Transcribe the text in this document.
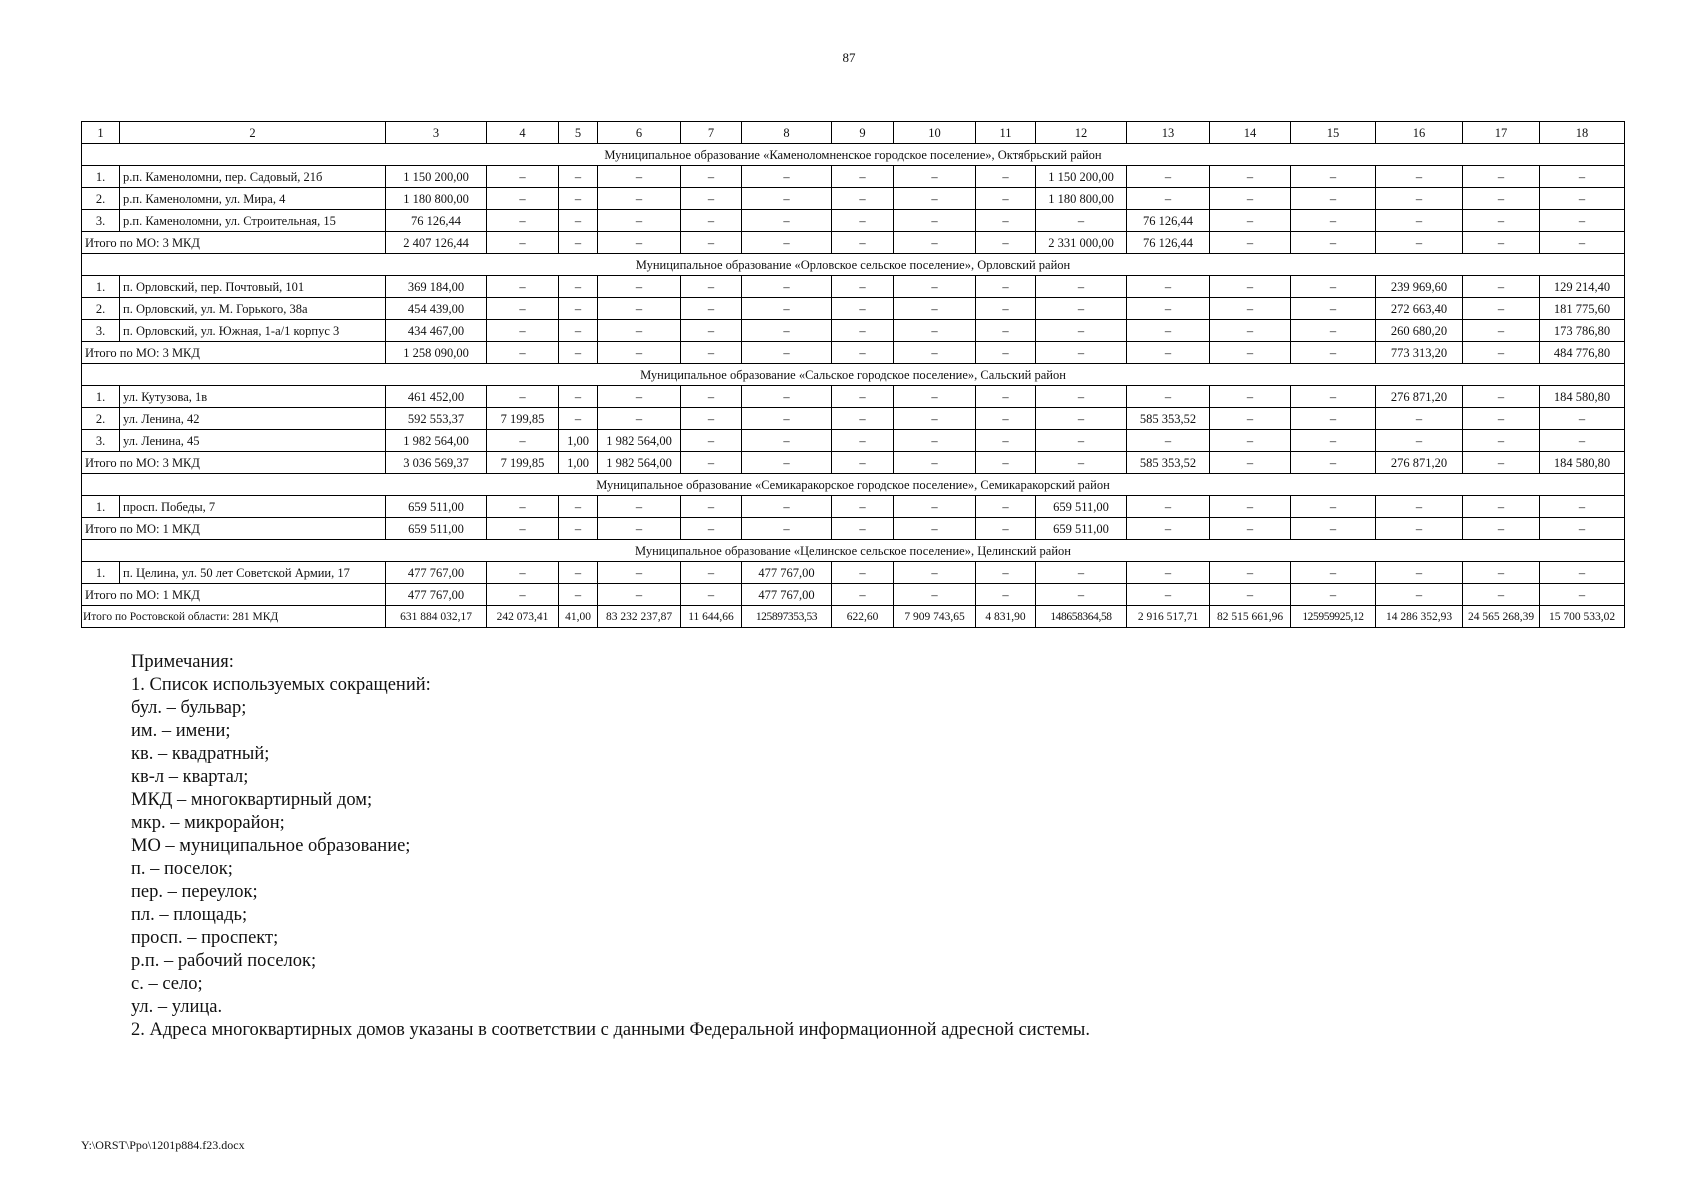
87
1	2	3	4	5	6	7	8	9	10	11	12	13	14	15	16	17	18
Муниципальное образование «Каменоломненское городское поселение», Октябрьский район																	
1.	р.п. Каменоломни, пер. Садовый, 21б	1 150 200,00	–	–	–	–	–	–	–	–	1 150 200,00	–	–	–	–	–	–
2.	р.п. Каменоломни, ул. Мира, 4	1 180 800,00	–	–	–	–	–	–	–	–	1 180 800,00	–	–	–	–	–	–
3.	р.п. Каменоломни, ул. Строительная, 15	76 126,44	–	–	–	–	–	–	–	–	–	76 126,44	–	–	–	–	–
Итого по МО: 3 МКД		2 407 126,44	–	–	–	–	–	–	–	–	2 331 000,00	76 126,44	–	–	–	–	–
Муниципальное образование «Орловское сельское поселение», Орловский район																	
1.	п. Орловский, пер. Почтовый, 101	369 184,00	–	–	–	–	–	–	–	–	–	–	–	–	239 969,60	–	129 214,40
2.	п. Орловский, ул. М. Горького, 38а	454 439,00	–	–	–	–	–	–	–	–	–	–	–	–	272 663,40	–	181 775,60
3.	п. Орловский, ул. Южная, 1-а/1 корпус 3	434 467,00	–	–	–	–	–	–	–	–	–	–	–	–	260 680,20	–	173 786,80
Итого по МО: 3 МКД		1 258 090,00	–	–	–	–	–	–	–	–	–	–	–	–	773 313,20	–	484 776,80
Муниципальное образование «Сальское городское поселение», Сальский район																	
1.	ул. Кутузова, 1в	461 452,00	–	–	–	–	–	–	–	–	–	–	–	–	276 871,20	–	184 580,80
2.	ул. Ленина, 42	592 553,37	7 199,85	–	–	–	–	–	–	–	–	585 353,52	–	–	–	–	–
3.	ул. Ленина, 45	1 982 564,00	–	1,00	1 982 564,00	–	–	–	–	–	–	–	–	–	–	–	–
Итого по МО: 3 МКД		3 036 569,37	7 199,85	1,00	1 982 564,00	–	–	–	–	–	–	585 353,52	–	–	276 871,20	–	184 580,80
Муниципальное образование «Семикаракорское городское поселение», Семикаракорский район																	
1.	просп. Победы, 7	659 511,00	–	–	–	–	–	–	–	–	659 511,00	–	–	–	–	–	–
Итого по МО: 1 МКД		659 511,00	–	–	–	–	–	–	–	–	659 511,00	–	–	–	–	–	–
Муниципальное образование «Целинское сельское поселение», Целинский район																	
1.	п. Целина, ул. 50 лет Советской Армии, 17	477 767,00	–	–	–	–	477 767,00	–	–	–	–	–	–	–	–	–	–
Итого по МО: 1 МКД		477 767,00	–	–	–	–	477 767,00	–	–	–	–	–	–	–	–	–	–
Итого по Ростовской области: 281 МКД		631 884 032,17	242 073,41	41,00	83 232 237,87	11 644,66	125897353,53	622,60	7 909 743,65	4 831,90	148658364,58	2 916 517,71	82 515 661,96	125959925,12	14 286 352,93	24 565 268,39	15 700 533,02
Примечания:
1. Список используемых сокращений:
бул. – бульвар;
им. – имени;
кв. – квадратный;
кв-л – квартал;
МКД – многоквартирный дом;
мкр. – микрорайон;
МО – муниципальное образование;
п. – поселок;
пер. – переулок;
пл. – площадь;
просп. – проспект;
р.п. – рабочий поселок;
с. – село;
ул. – улица.
2. Адреса многоквартирных домов указаны в соответствии с данными Федеральной информационной адресной системы.
Y:\ORST\Ppo\1201p884.f23.docx
